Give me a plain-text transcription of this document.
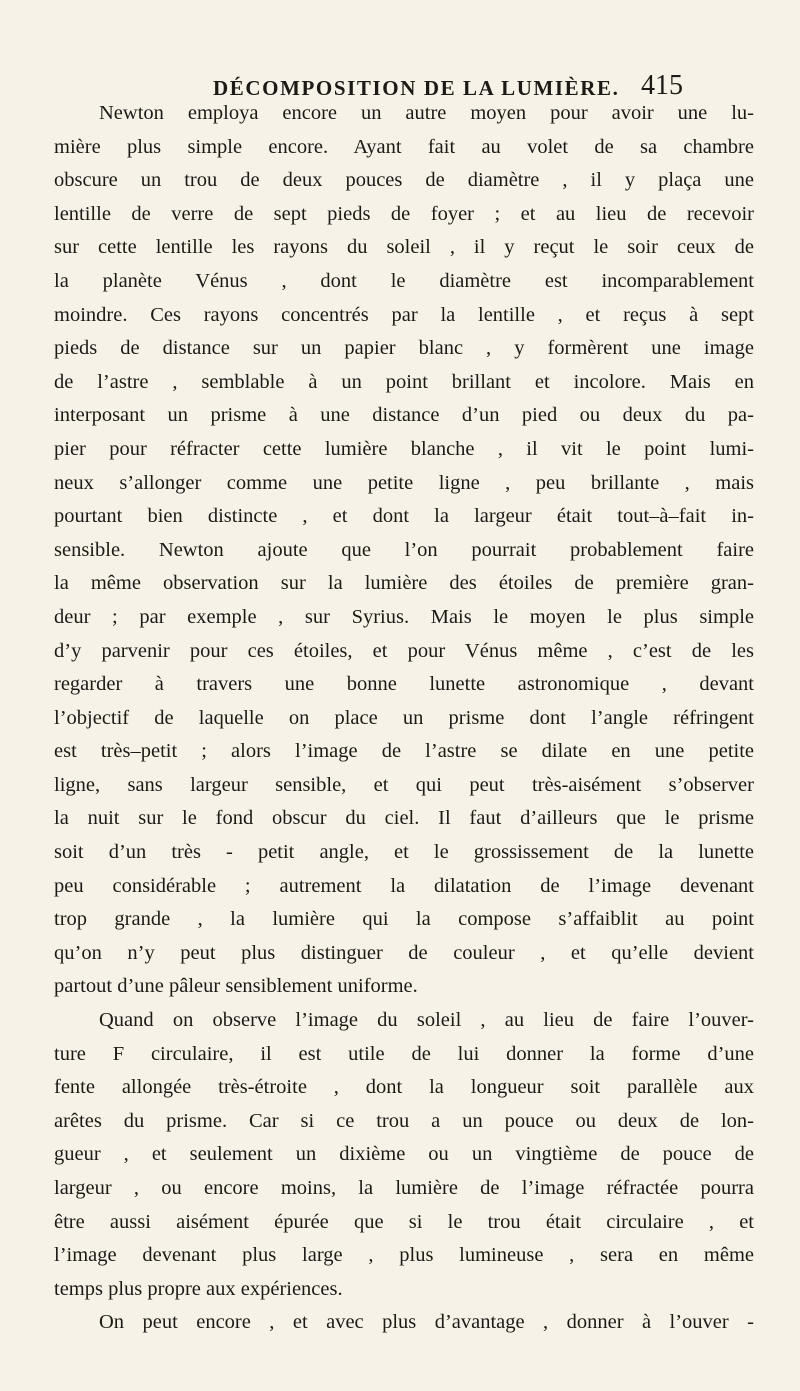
DÉCOMPOSITION DE LA LUMIÈRE. 415
Newton employa encore un autre moyen pour avoir une lu-
mière plus simple encore. Ayant fait au volet de sa chambre
obscure un trou de deux pouces de diamètre , il y plaça une
lentille de verre de sept pieds de foyer ; et au lieu de recevoir
sur cette lentille les rayons du soleil , il y reçut le soir ceux de
la planète Vénus , dont le diamètre est incomparablement
moindre. Ces rayons concentrés par la lentille , et reçus à sept
pieds de distance sur un papier blanc , y formèrent une image
de l’astre , semblable à un point brillant et incolore. Mais en
interposant un prisme à une distance d’un pied ou deux du pa-
pier pour réfracter cette lumière blanche , il vit le point lumi-
neux s’allonger comme une petite ligne , peu brillante , mais
pourtant bien distincte , et dont la largeur était tout–à–fait in-
sensible. Newton ajoute que l’on pourrait probablement faire
la même observation sur la lumière des étoiles de première gran-
deur ; par exemple , sur Syrius. Mais le moyen le plus simple
d’y parvenir pour ces étoiles, et pour Vénus même , c’est de les
regarder à travers une bonne lunette astronomique , devant
l’objectif de laquelle on place un prisme dont l’angle réfringent
est très–petit ; alors l’image de l’astre se dilate en une petite
ligne, sans largeur sensible, et qui peut très-aisément s’observer
la nuit sur le fond obscur du ciel. Il faut d’ailleurs que le prisme
soit d’un très - petit angle, et le grossissement de la lunette
peu considérable ; autrement la dilatation de l’image devenant
trop grande , la lumière qui la compose s’affaiblit au point
qu’on n’y peut plus distinguer de couleur , et qu’elle devient
partout d’une pâleur sensiblement uniforme.
Quand on observe l’image du soleil , au lieu de faire l’ouver-
ture F circulaire, il est utile de lui donner la forme d’une
fente allongée très-étroite , dont la longueur soit parallèle aux
arêtes du prisme. Car si ce trou a un pouce ou deux de lon-
gueur , et seulement un dixième ou un vingtième de pouce de
largeur , ou encore moins, la lumière de l’image réfractée pourra
être aussi aisément épurée que si le trou était circulaire , et
l’image devenant plus large , plus lumineuse , sera en même
temps plus propre aux expériences.
On peut encore , et avec plus d’avantage , donner à l’ouver -
